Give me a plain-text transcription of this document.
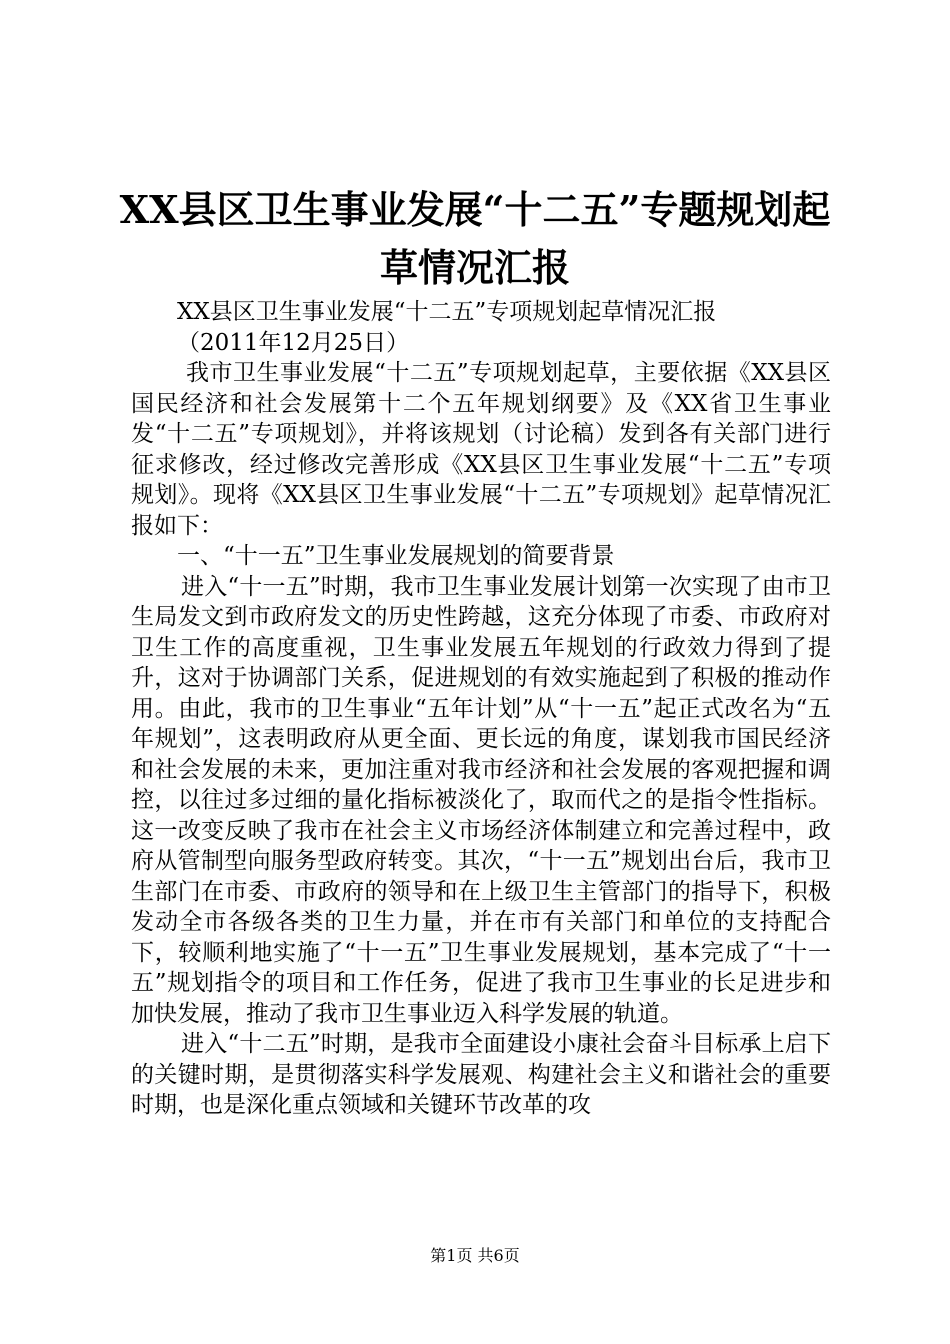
XX县区卫生事业发展“十二五”专题规划起
草情况汇报

XX县区卫生事业发展“十二五”专项规划起草情况汇报

（2011年12月25日）

我市卫生事业发展“十二五”专项规划起草，主要依据《XX县区国民经济和社会发展第十二个五年规划纲要》及《XX省卫生事业发“十二五”专项规划》，并将该规划（讨论稿）发到各有关部门进行征求修改，经过修改完善形成《XX县区卫生事业发展“十二五”专项规划》。现将《XX县区卫生事业发展“十二五”专项规划》起草情况汇报如下：

一、“十一五”卫生事业发展规划的简要背景

进入“十一五”时期，我市卫生事业发展计划第一次实现了由市卫生局发文到市政府发文的历史性跨越，这充分体现了市委、市政府对卫生工作的高度重视，卫生事业发展五年规划的行政效力得到了提升，这对于协调部门关系，促进规划的有效实施起到了积极的推动作用。由此，我市的卫生事业“五年计划”从“十一五”起正式改名为“五年规划”，这表明政府从更全面、更长远的角度，谋划我市国民经济和社会发展的未来，更加注重对我市经济和社会发展的客观把握和调控，以往过多过细的量化指标被淡化了，取而代之的是指令性指标。这一改变反映了我市在社会主义市场经济体制建立和完善过程中，政府从管制型向服务型政府转变。其次，“十一五”规划出台后，我市卫生部门在市委、市政府的领导和在上级卫生主管部门的指导下，积极发动全市各级各类的卫生力量，并在市有关部门和单位的支持配合下，较顺利地实施了“十一五”卫生事业发展规划，基本完成了“十一五”规划指令的项目和工作任务，促进了我市卫生事业的长足进步和加快发展，推动了我市卫生事业迈入科学发展的轨道。

进入“十二五”时期，是我市全面建设小康社会奋斗目标承上启下的关键时期，是贯彻落实科学发展观、构建社会主义和谐社会的重要时期，也是深化重点领域和关键环节改革的攻

第1页 共6页
